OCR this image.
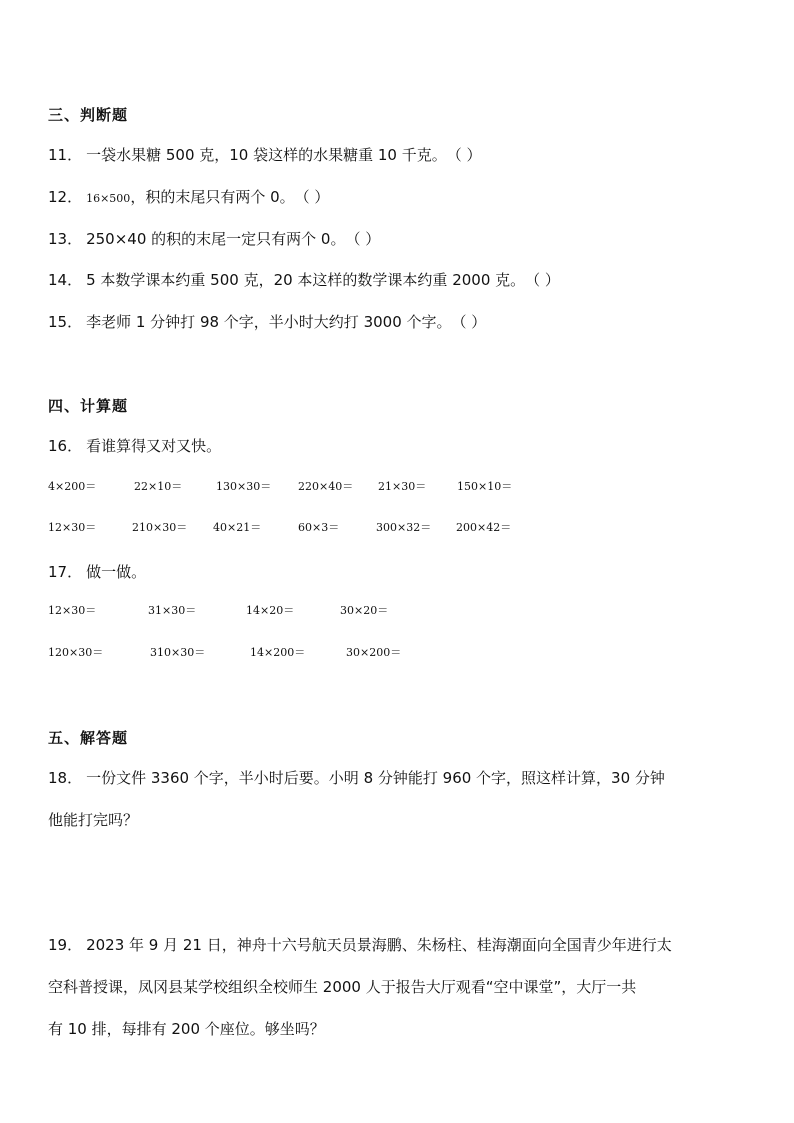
三、判断题
11． 一袋水果糖 500 克，10 袋这样的水果糖重 10 千克。（ ）
12． 16×500，积的末尾只有两个 0。（ ）
13． 250×40 的积的末尾一定只有两个 0。（ ）
14． 5 本数学课本约重 500 克，20 本这样的数学课本约重 2000 克。（ ）
15． 李老师 1 分钟打 98 个字，半小时大约打 3000 个字。（ ）
四、计算题
16． 看谁算得又对又快。
4×200＝	22×10＝	130×30＝ 220×40＝ 21×30＝	150×10＝
12×30＝	210×30＝ 40×21＝	60×3＝	300×32＝ 200×42＝
17． 做一做。
12×30＝	31×30＝	14×20＝	30×20＝
120×30＝	310×30＝	14×200＝	30×200＝
五、解答题
18． 一份文件 3360 个字，半小时后要。小明 8 分钟能打 960 个字，照这样计算，30 分钟
他能打完吗？
19． 2023 年 9 月 21 日，神舟十六号航天员景海鹏、朱杨柱、桂海潮面向全国青少年进行太
空科普授课，凤冈县某学校组织全校师生 2000 人于报告大厅观看“空中课堂”，大厅一共
有 10 排，每排有 200 个座位。够坐吗？
